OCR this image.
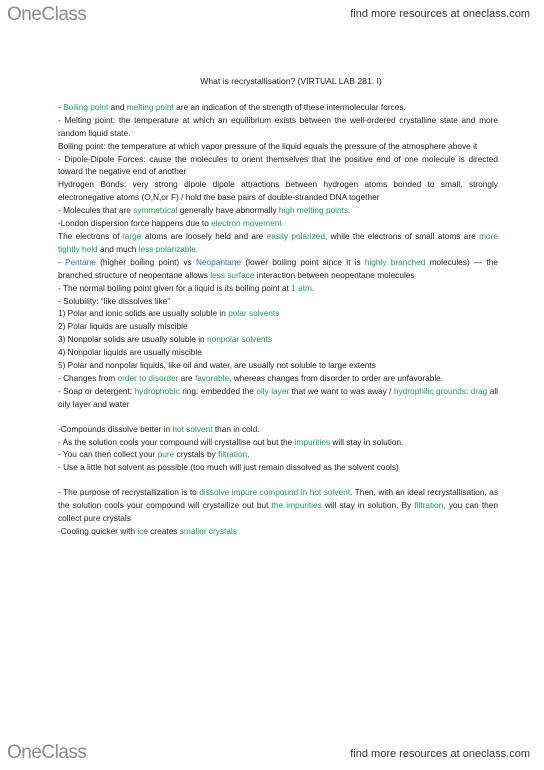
OneClass	find more resources at oneclass.com
What is recrystallisation? (VIRTUAL LAB 281. I)
- Boiling point and melting point are an indication of the strength of these intermolecular forces.
- Melting point: the temperature at which an equilibrium exists between the well-ordered crystalline state and more random liquid state.
Boiling point: the temperature at which vapor pressure of the liquid equals the pressure of the atmosphere above it
- Dipole-Dipole Forces: cause the molecules to orient themselves that the positive end of one molecule is directed toward the negative end of another
Hydrogen Bonds: very strong dipole dipole attractions between hydrogen atoms bonded to small, strongly electronegative atoms (O,N,or F) / hold the base pairs of double-stranded DNA together
- Molecules that are symmetrical generally have abnormally high melting points.
-London dispersion force happens due to electron movement
The electrons of large atoms are loosely held and are easily polarized, while the electrons of small atoms are more tightly held and much less polarizable.
- Pentane (higher boiling point) vs Neopantane (lower boiling point since it is highly branched molecules) — the branched structure of neopentane allows less surface interaction between neopentane molecules
- The normal boiling point given for a liquid is its boiling point at 1 atm.
- Solubility: “like dissolves like”
1) Polar and ionic solids are usually soluble in polar solvents
2) Polar liquids are usually miscible
3) Nonpolar solids are usually soluble in nonpolar solvents
4) Nonpolar liquids are usually miscible
5) Polar and nonpolar liquids, like oil and water, are usually not soluble to large extents
- Changes from order to disorder are favorable, whereas changes from disorder to order are unfavorable.
- Soap or detergent: hydrophobic ring: embedded the oily layer that we want to was away / hydrophilic grounds: drag all oily layer and water
-Compounds dissolve better in hot solvent than in cold.
- As the solution cools your compound will crystallise out but the impurities will stay in solution.
- You can then collect your pure crystals by filtration.
- Use a little hot solvent as possible (too much will just remain dissolved as the solvent cools)
- The purpose of recrystallization is to dissolve impure compound in hot solvent. Then, with an ideal recrystallisation, as the solution cools your compound will crystallize out but the impurities will stay in solution. By filtration, you can then collect pure crystals
-Cooling quicker with ice creates smaller crystals
OneClass	find more resources at oneclass.com
